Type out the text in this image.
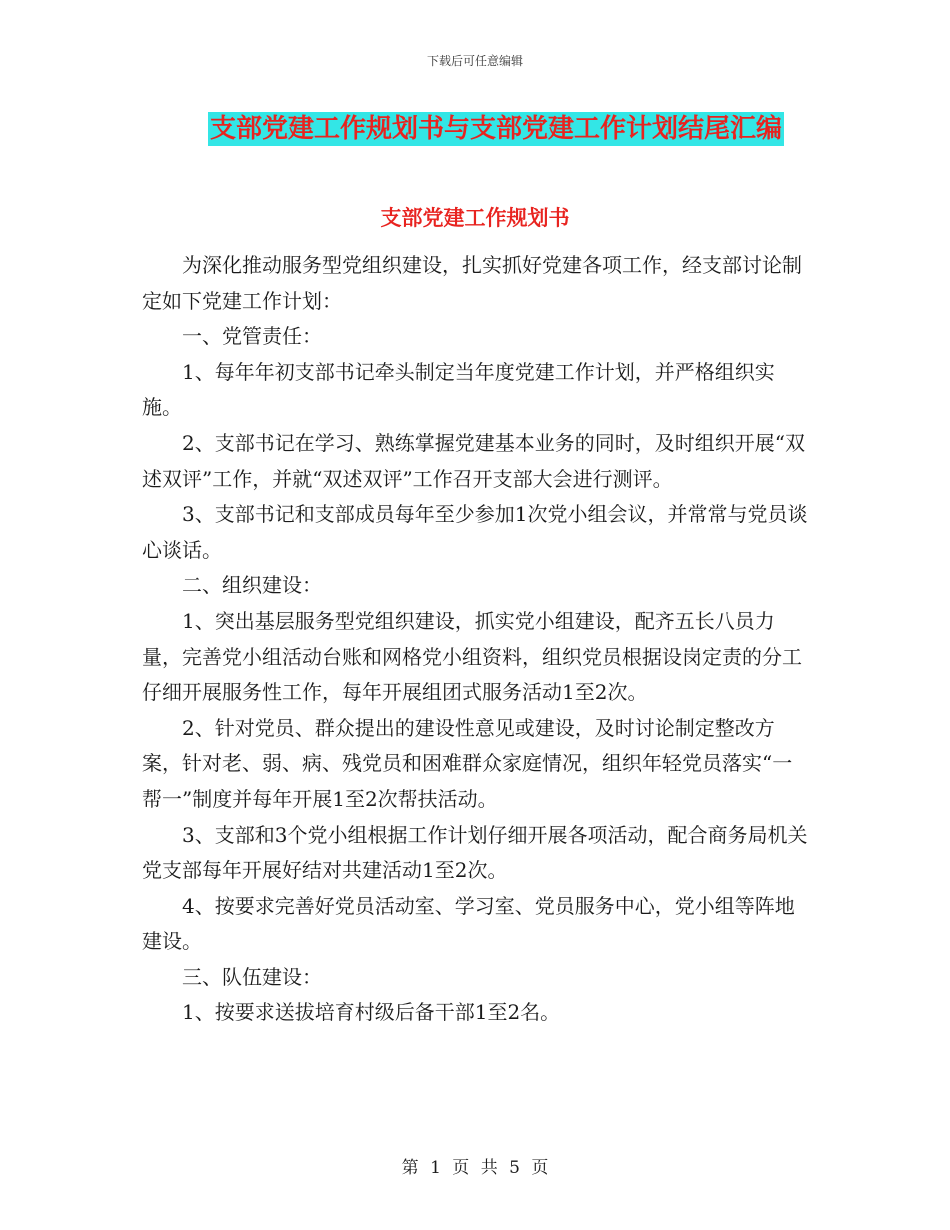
下载后可任意编辑
支部党建工作规划书与支部党建工作计划结尾汇编
支部党建工作规划书

为深化推动服务型党组织建设，扎实抓好党建各项工作，经支部讨论制定如下党建工作计划：

一、党管责任：

1、每年年初支部书记牵头制定当年度党建工作计划，并严格组织实施。

2、支部书记在学习、熟练掌握党建基本业务的同时，及时组织开展“双述双评”工作，并就“双述双评”工作召开支部大会进行测评。

3、支部书记和支部成员每年至少参加1次党小组会议，并常常与党员谈心谈话。

二、组织建设：

1、突出基层服务型党组织建设，抓实党小组建设，配齐五长八员力量，完善党小组活动台账和网格党小组资料，组织党员根据设岗定责的分工仔细开展服务性工作，每年开展组团式服务活动1至2次。

2、针对党员、群众提出的建设性意见或建设，及时讨论制定整改方案，针对老、弱、病、残党员和困难群众家庭情况，组织年轻党员落实“一帮一”制度并每年开展1至2次帮扶活动。

3、支部和3个党小组根据工作计划仔细开展各项活动，配合商务局机关党支部每年开展好结对共建活动1至2次。

4、按要求完善好党员活动室、学习室、党员服务中心，党小组等阵地建设。

三、队伍建设：

1、按要求送拔培育村级后备干部1至2名。

第 1 页 共 5 页
